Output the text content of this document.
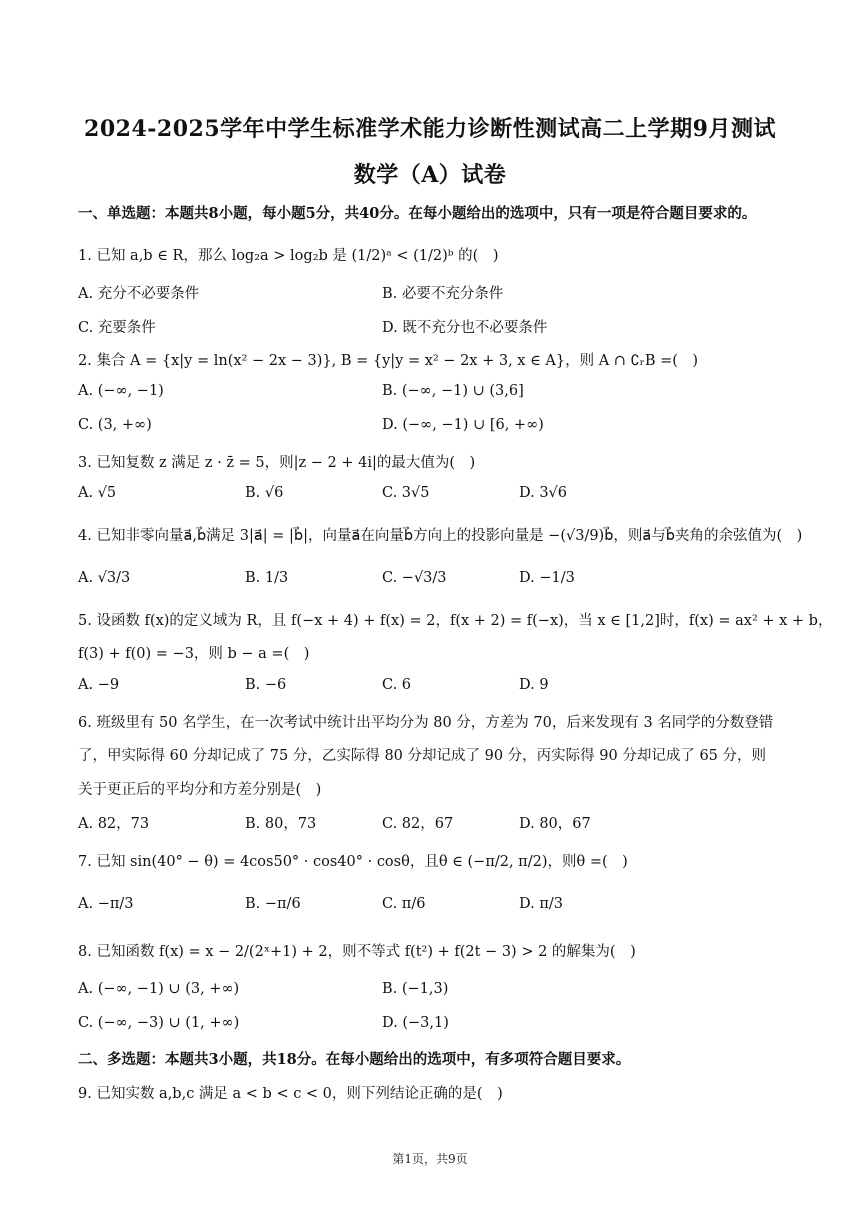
2024-2025学年中学生标准学术能力诊断性测试高二上学期9月测试
数学（A）试卷
一、单选题：本题共8小题，每小题5分，共40分。在每小题给出的选项中，只有一项是符合题目要求的。
1. 已知 a,b ∈ R，那么 log₂a > log₂b 是 (1/2)ᵃ < (1/2)ᵇ 的(　)
A. 充分不必要条件	B. 必要不充分条件
C. 充要条件	D. 既不充分也不必要条件
2. 集合 A = {x|y = ln(x² − 2x − 3)}, B = {y|y = x² − 2x + 3, x ∈ A}，则 A ∩ ∁ᵣB =(　)
A. (−∞, −1)	B. (−∞, −1) ∪ (3,6]
C. (3, +∞)	D. (−∞, −1) ∪ [6, +∞)
3. 已知复数 z 满足 z · z̄ = 5，则|z − 2 + 4i|的最大值为(　)
A. √5	B. √6	C. 3√5	D. 3√6
4. 已知非零向量a⃗,b⃗满足 3|a⃗| = |b⃗|，向量a⃗在向量b⃗方向上的投影向量是 −(√3/9)b⃗，则a⃗与b⃗夹角的余弦值为(　)
A. √3/3	B. 1/3	C. −√3/3	D. −1/3
5. 设函数 f(x)的定义域为 R，且 f(−x + 4) + f(x) = 2，f(x + 2) = f(−x)，当 x ∈ [1,2]时，f(x) = ax² + x + b，
f(3) + f(0) = −3，则 b − a =(　)
A. −9	B. −6	C. 6	D. 9
6. 班级里有 50 名学生，在一次考试中统计出平均分为 80 分，方差为 70，后来发现有 3 名同学的分数登错
了，甲实际得 60 分却记成了 75 分，乙实际得 80 分却记成了 90 分，丙实际得 90 分却记成了 65 分，则
关于更正后的平均分和方差分别是(　)
A. 82，73	B. 80，73	C. 82，67	D. 80，67
7. 已知 sin(40° − θ) = 4cos50° · cos40° · cosθ，且θ ∈ (−π/2, π/2)，则θ =(　)
A. −π/3	B. −π/6	C. π/6	D. π/3
8. 已知函数 f(x) = x − 2/(2ˣ+1) + 2，则不等式 f(t²) + f(2t − 3) > 2 的解集为(　)
A. (−∞, −1) ∪ (3, +∞)	B. (−1,3)
C. (−∞, −3) ∪ (1, +∞)	D. (−3,1)
二、多选题：本题共3小题，共18分。在每小题给出的选项中，有多项符合题目要求。
9. 已知实数 a,b,c 满足 a < b < c < 0，则下列结论正确的是(　)
第1页，共9页
